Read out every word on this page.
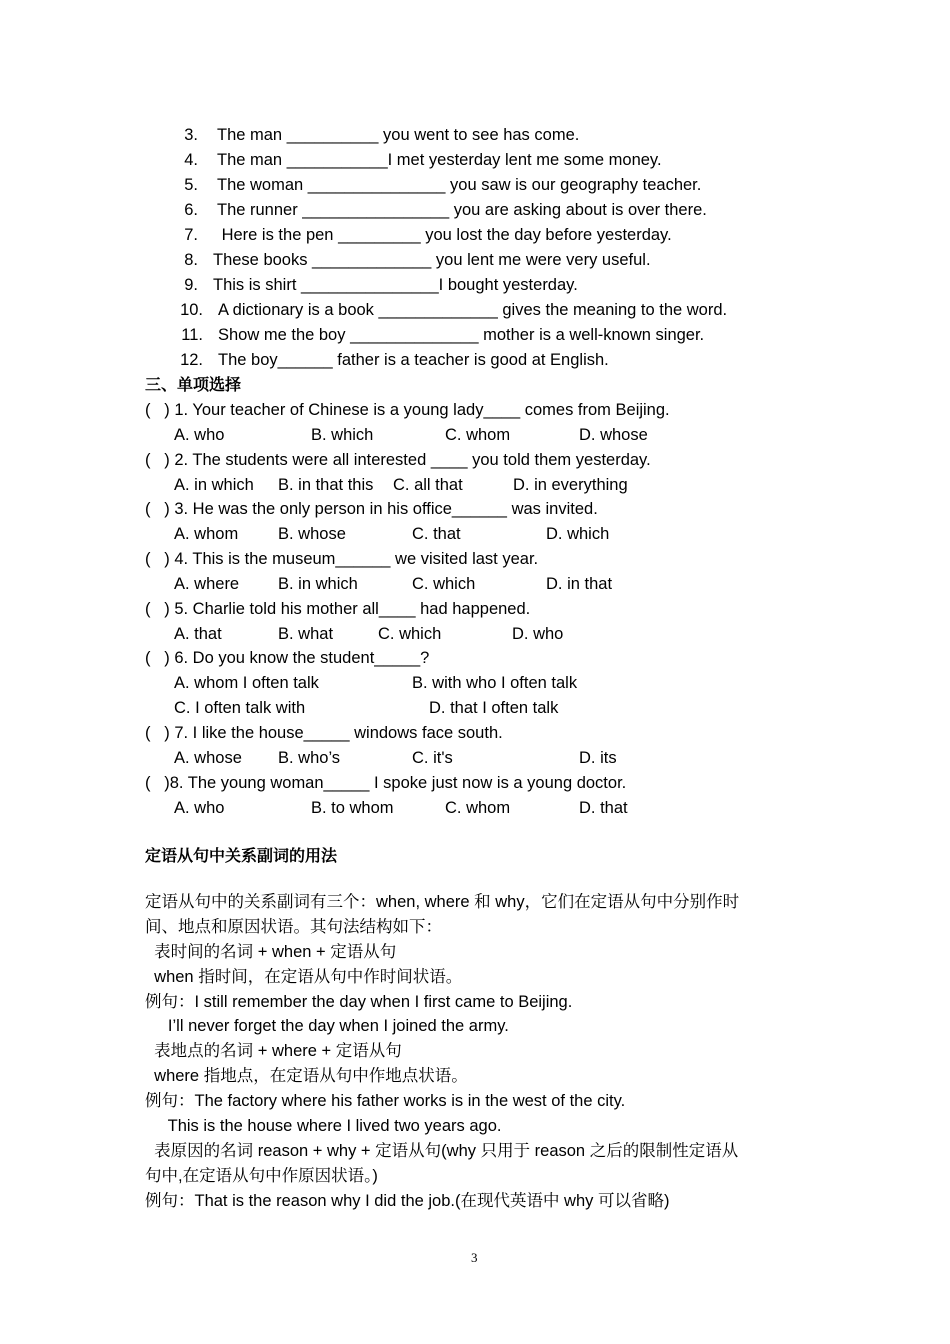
3. The man __________ you went to see has come.
4. The man ___________I met yesterday lent me some money.
5. The woman _______________ you saw is our geography teacher.
6. The runner ________________ you are asking about is over there.
7. Here is the pen _________ you lost the day before yesterday.
8. These books _____________ you lent me were very useful.
9. This is shirt _______________I bought yesterday.
10. A dictionary is a book _____________ gives the meaning to the word.
11. Show me the boy ______________ mother is a well-known singer.
12. The boy______ father is a teacher is good at English.
三、单项选择
(   ) 1. Your teacher of Chinese is a young lady____ comes from Beijing.
A. who	B. which	C. whom	D. whose
(   ) 2. The students were all interested ____ you told them yesterday.
A. in which B. in that this C. all that	D. in everything
(   ) 3. He was the only person in his office______ was invited.
A. whom B. whose	C. that	D. which
(   ) 4. This is the museum______ we visited last year.
A. where B. in which	C. which	D. in that
(   ) 5. Charlie told his mother all____ had happened.
A. that	B. what	C. which	D. who
(   ) 6. Do you know the student_____?
A. whom I often talk	B. with who I often talk
C. I often talk with	D. that I often talk
(   ) 7. I like the house_____ windows face south.
A. whose B. who’s	C. it's	D. its
(   )8. The young woman_____ I spoke just now is a young doctor.
A. who	B. to whom	C. whom	D. that
定语从句中关系副词的用法
定语从句中的关系副词有三个：when, where 和 why，它们在定语从句中分别作时
间、地点和原因状语。其句法结构如下：
表时间的名词 + when + 定语从句
when 指时间，在定语从句中作时间状语。
例句：I still remember the day when I first came to Beijing.
I’ll never forget the day when I joined the army.
表地点的名词 + where + 定语从句
where 指地点，在定语从句中作地点状语。
例句：The factory where his father works is in the west of the city.
This is the house where I lived two years ago.
表原因的名词 reason + why + 定语从句(why 只用于 reason 之后的限制性定语从
句中,在定语从句中作原因状语。)
例句：That is the reason why I did the job.(在现代英语中 why 可以省略)
3
